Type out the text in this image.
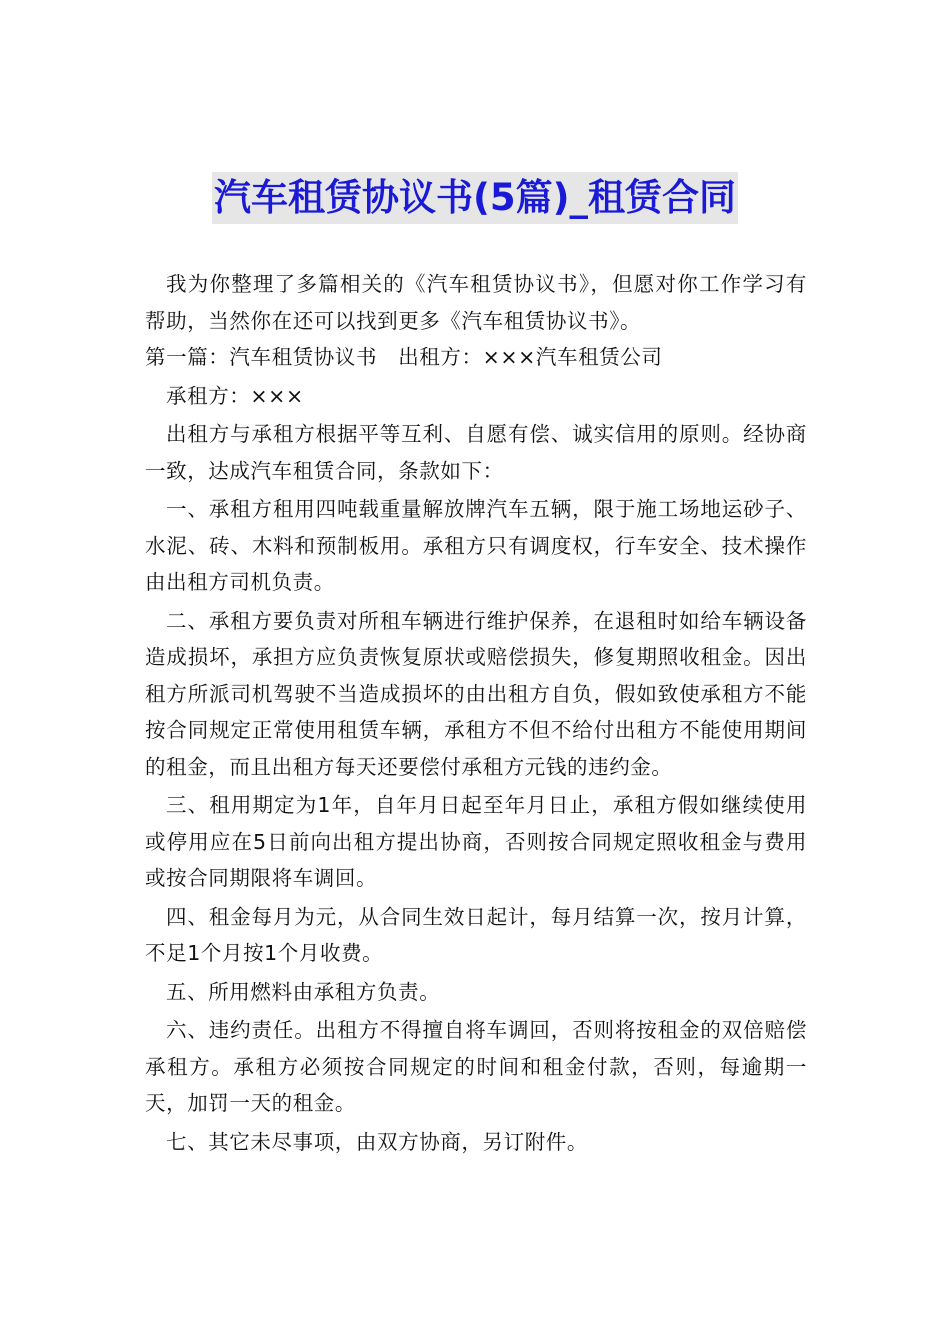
汽车租赁协议书(5篇)_租赁合同

我为你整理了多篇相关的《汽车租赁协议书》，但愿对你工作学习有帮助，当然你在还可以找到更多《汽车租赁协议书》。

第一篇：汽车租赁协议书　出租方：×××汽车租赁公司

承租方：×××

出租方与承租方根据平等互利、自愿有偿、诚实信用的原则。经协商一致，达成汽车租赁合同，条款如下：

一、承租方租用四吨载重量解放牌汽车五辆，限于施工场地运砂子、水泥、砖、木料和预制板用。承租方只有调度权，行车安全、技术操作由出租方司机负责。

二、承租方要负责对所租车辆进行维护保养，在退租时如给车辆设备造成损坏，承担方应负责恢复原状或赔偿损失，修复期照收租金。因出租方所派司机驾驶不当造成损坏的由出租方自负，假如致使承租方不能按合同规定正常使用租赁车辆，承租方不但不给付出租方不能使用期间的租金，而且出租方每天还要偿付承租方元钱的违约金。

三、租用期定为1年，自年月日起至年月日止，承租方假如继续使用或停用应在5日前向出租方提出协商，否则按合同规定照收租金与费用或按合同期限将车调回。

四、租金每月为元，从合同生效日起计，每月结算一次，按月计算，不足1个月按1个月收费。

五、所用燃料由承租方负责。

六、违约责任。出租方不得擅自将车调回，否则将按租金的双倍赔偿承租方。承租方必须按合同规定的时间和租金付款，否则，每逾期一天，加罚一天的租金。

七、其它未尽事项，由双方协商，另订附件。
